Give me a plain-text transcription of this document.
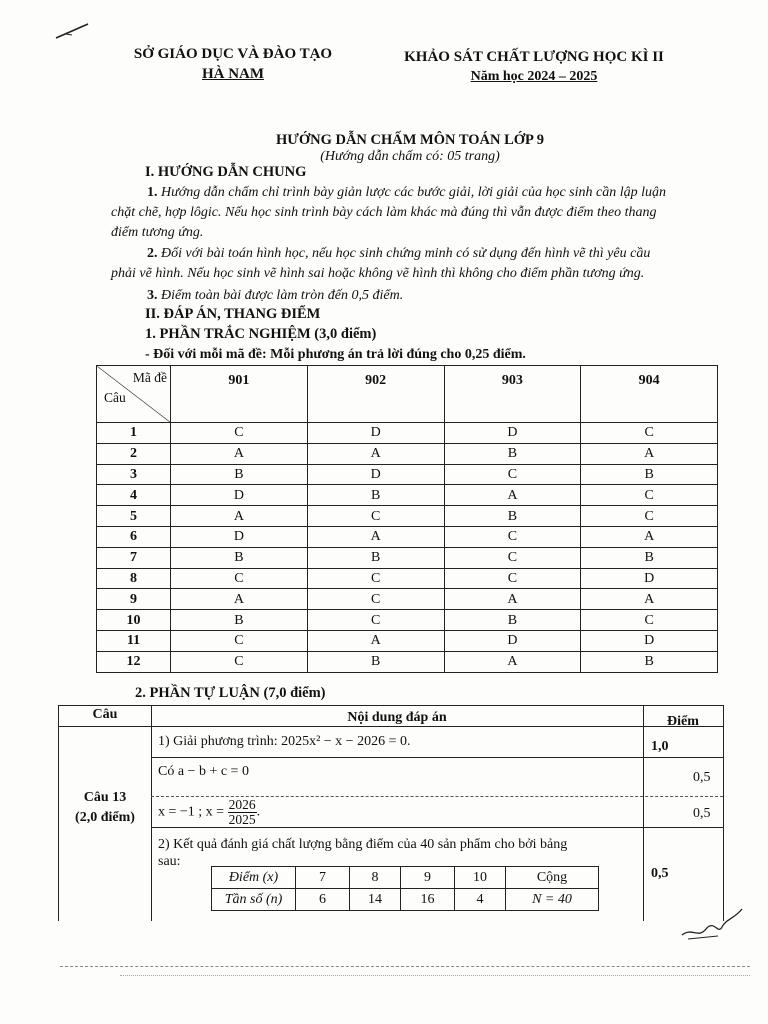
SỞ GIÁO DỤC VÀ ĐÀO TẠO
HÀ NAM
KHẢO SÁT CHẤT LƯỢNG HỌC KÌ II
Năm học 2024 – 2025
HƯỚNG DẪN CHẤM MÔN TOÁN LỚP 9
(Hướng dẫn chấm có: 05 trang)
I. HƯỚNG DẪN CHUNG
1. Hướng dẫn chấm chỉ trình bày giản lược các bước giải, lời giải của học sinh cần lập luận
chặt chẽ, hợp lôgic. Nếu học sinh trình bày cách làm khác mà đúng thì vẫn được điểm theo thang
điểm tương ứng.
2. Đối với bài toán hình học, nếu học sinh chứng minh có sử dụng đến hình vẽ thì yêu cầu
phải vẽ hình. Nếu học sinh vẽ hình sai hoặc không vẽ hình thì không cho điểm phần tương ứng.
3. Điểm toàn bài được làm tròn đến 0,5 điểm.
II. ĐÁP ÁN, THANG ĐIỂM
1. PHẦN TRẮC NGHIỆM (3,0 điểm)
- Đối với mỗi mã đề: Mỗi phương án trả lời đúng cho 0,25 điểm.
Mã đề
Câu	901	902	903	904
1	C	D	D	C
2	A	A	B	A
3	B	D	C	B
4	D	B	A	C
5	A	C	B	C
6	D	A	C	A
7	B	B	C	B
8	C	C	C	D
9	A	C	A	A
10	B	C	B	C
11	C	A	D	D
12	C	B	A	B
2. PHẦN TỰ LUẬN (7,0 điểm)
Câu	Nội dung đáp án	Điểm
Câu 13
(2,0 điểm)
1) Giải phương trình: 2025x² − x − 2026 = 0.	1,0
Có a − b + c = 0	0,5
x = −1 ; $x = \frac{2026}{2025}$ .	0,5
2) Kết quả đánh giá chất lượng bằng điểm của 40 sản phẩm cho bởi bảng
sau:
0,5
Điểm (x)	7	8	9	10	Cộng
Tần số (n)	6	14	16	4	N = 40
